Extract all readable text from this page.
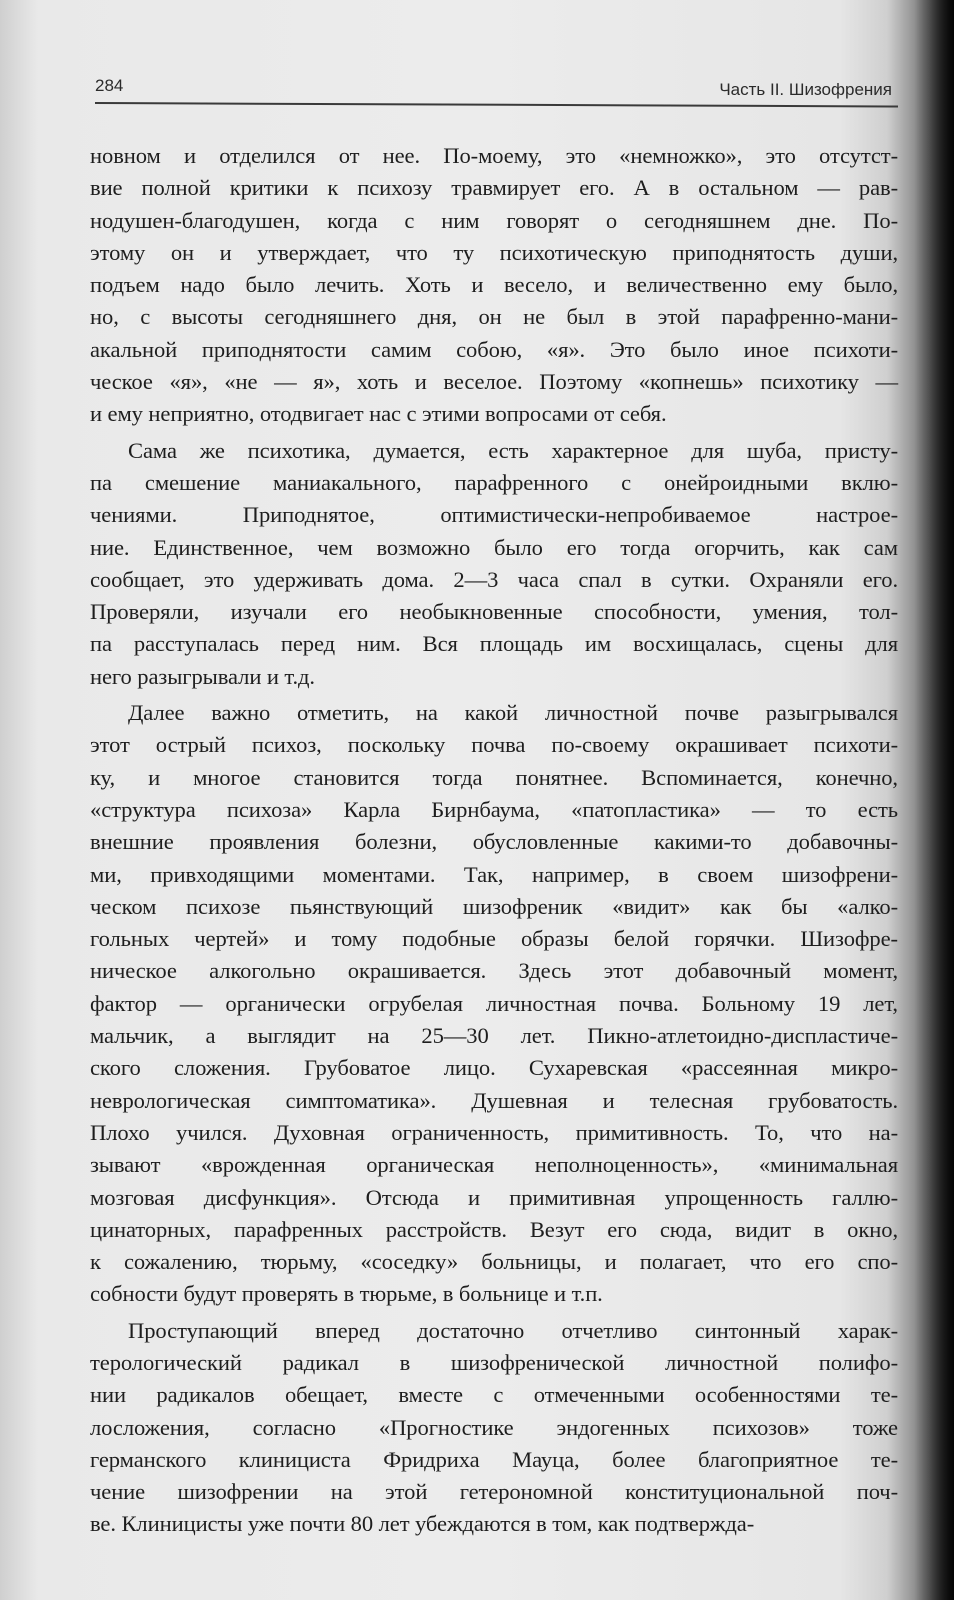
284	Часть II. Шизофрения
новном и отделился от нее. По-моему, это «немножко», это отсутст-
вие полной критики к психозу травмирует его. А в остальном — рав-
нодушен-благодушен, когда с ним говорят о сегодняшнем дне. По-
этому он и утверждает, что ту психотическую приподнятость души,
подъем надо было лечить. Хоть и весело, и величественно ему было,
но, с высоты сегодняшнего дня, он не был в этой парафренно-мани-
акальной приподнятости самим собою, «я». Это было иное психоти-
ческое «я», «не — я», хоть и веселое. Поэтому «копнешь» психотику —
и ему неприятно, отодвигает нас с этими вопросами от себя.
Сама же психотика, думается, есть характерное для шуба, присту-
па смешение маниакального, парафренного с онейроидными вклю-
чениями. Приподнятое, оптимистически-непробиваемое настрое-
ние. Единственное, чем возможно было его тогда огорчить, как сам
сообщает, это удерживать дома. 2—3 часа спал в сутки. Охраняли его.
Проверяли, изучали его необыкновенные способности, умения, тол-
па расступалась перед ним. Вся площадь им восхищалась, сцены для
него разыгрывали и т.д.
Далее важно отметить, на какой личностной почве разыгрывался
этот острый психоз, поскольку почва по-своему окрашивает психоти-
ку, и многое становится тогда понятнее. Вспоминается, конечно,
«структура психоза» Карла Бирнбаума, «патопластика» — то есть
внешние проявления болезни, обусловленные какими-то добавочны-
ми, привходящими моментами. Так, например, в своем шизофрени-
ческом психозе пьянствующий шизофреник «видит» как бы «алко-
гольных чертей» и тому подобные образы белой горячки. Шизофре-
ническое алкогольно окрашивается. Здесь этот добавочный момент,
фактор — органически огрубелая личностная почва. Больному 19 лет,
мальчик, а выглядит на 25—30 лет. Пикно-атлетоидно-диспластиче-
ского сложения. Грубоватое лицо. Сухаревская «рассеянная микро-
неврологическая симптоматика». Душевная и телесная грубоватость.
Плохо учился. Духовная ограниченность, примитивность. То, что на-
зывают «врожденная органическая неполноценность», «минимальная
мозговая дисфункция». Отсюда и примитивная упрощенность галлю-
цинаторных, парафренных расстройств. Везут его сюда, видит в окно,
к сожалению, тюрьму, «соседку» больницы, и полагает, что его спо-
собности будут проверять в тюрьме, в больнице и т.п.
Проступающий вперед достаточно отчетливо синтонный харак-
терологический радикал в шизофренической личностной полифо-
нии радикалов обещает, вместе с отмеченными особенностями те-
лосложения, согласно «Прогностике эндогенных психозов» тоже
германского клинициста Фридриха Мауца, более благоприятное те-
чение шизофрении на этой гетерономной конституциональной поч-
ве. Клиницисты уже почти 80 лет убеждаются в том, как подтвержда-
